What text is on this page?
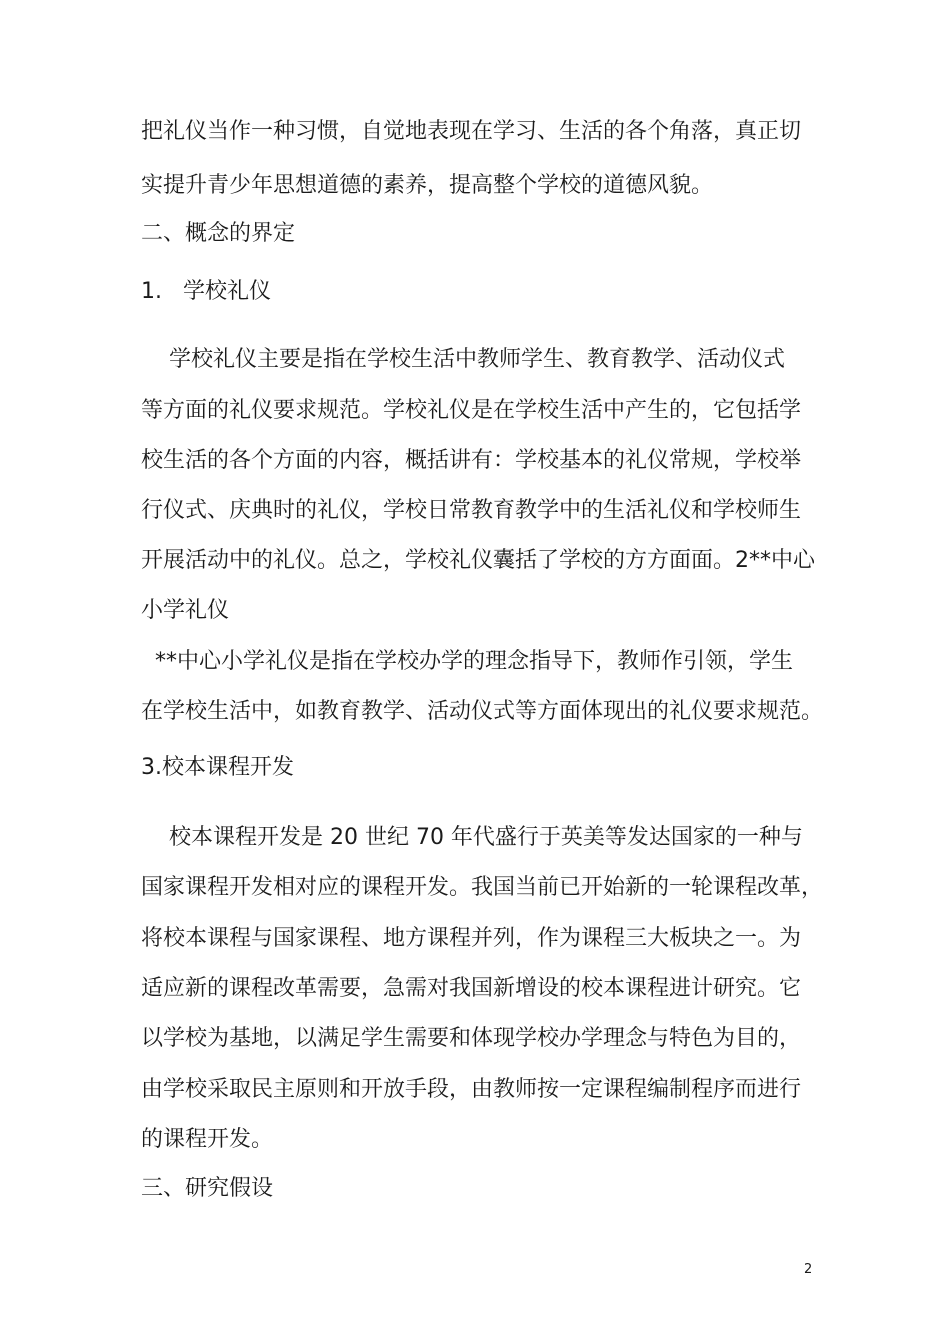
把礼仪当作一种习惯，自觉地表现在学习、生活的各个角落，真正切
实提升青少年思想道德的素养，提高整个学校的道德风貌。
二、概念的界定
1.   学校礼仪
学校礼仪主要是指在学校生活中教师学生、教育教学、活动仪式
等方面的礼仪要求规范。学校礼仪是在学校生活中产生的，它包括学
校生活的各个方面的内容，概括讲有：学校基本的礼仪常规，学校举
行仪式、庆典时的礼仪，学校日常教育教学中的生活礼仪和学校师生
开展活动中的礼仪。总之，学校礼仪囊括了学校的方方面面。2**中心
小学礼仪
**中心小学礼仪是指在学校办学的理念指导下，教师作引领，学生
在学校生活中，如教育教学、活动仪式等方面体现出的礼仪要求规范。
3.校本课程开发
校本课程开发是 20 世纪 70 年代盛行于英美等发达国家的一种与
国家课程开发相对应的课程开发。我国当前已开始新的一轮课程改革，
将校本课程与国家课程、地方课程并列，作为课程三大板块之一。为
适应新的课程改革需要，急需对我国新增设的校本课程进计研究。它
以学校为基地，以满足学生需要和体现学校办学理念与特色为目的，
由学校采取民主原则和开放手段，由教师按一定课程编制程序而进行
的课程开发。
三、研究假设
2
